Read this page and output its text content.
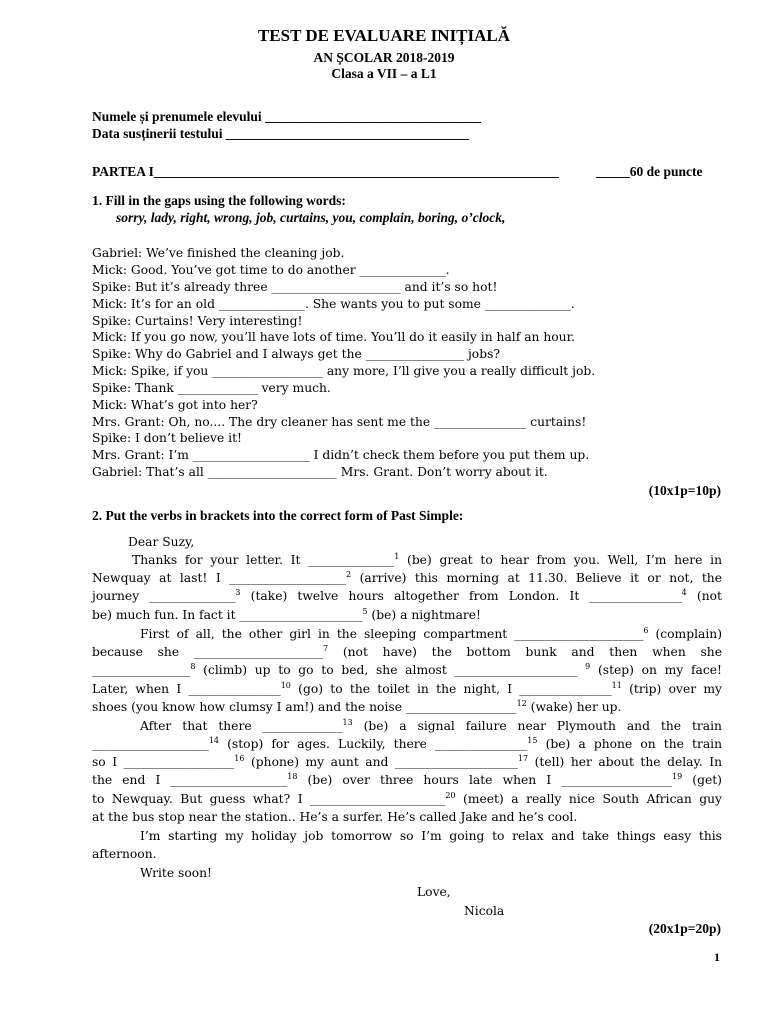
TEST DE EVALUARE INIȚIALĂ
AN ȘCOLAR 2018-2019
Clasa a VII – a L1
Numele și prenumele elevului ________________________________
Data susținerii testului ____________________________________
PARTEA I____________________________________________________________	_____60 de puncte
1. Fill in the gaps using the following words:
sorry, lady, right, wrong, job, curtains, you, complain, boring, o’clock,
Gabriel: We’ve finished the cleaning job.
Mick: Good. You’ve got time to do another ______________.
Spike: But it’s already three _____________________ and it’s so hot!
Mick: It’s for an old ______________. She wants you to put some ______________.
Spike: Curtains! Very interesting!
Mick: If you go now, you’ll have lots of time. You’ll do it easily in half an hour.
Spike: Why do Gabriel and I always get the ________________ jobs?
Mick: Spike, if you __________________ any more, I’ll give you a really difficult job.
Spike: Thank _____________ very much.
Mick: What’s got into her?
Mrs. Grant: Oh, no.... The dry cleaner has sent me the _______________ curtains!
Spike: I don’t believe it!
Mrs. Grant: I’m ___________________ I didn’t check them before you put them up.
Gabriel: That’s all _____________________ Mrs. Grant. Don’t worry about it.
(10x1p=10p)
2. Put the verbs in brackets into the correct form of Past Simple:
Dear Suzy,
Thanks for your letter. It ______________$^1$ (be) great to hear from you. Well, I’m here in
Newquay at last! I ___________________$^2$ (arrive) this morning at 11.30. Believe it or not, the
journey ______________$^3$ (take) twelve hours altogether from London. It _______________$^4$ (not
be) much fun. In fact it ____________________$^5$ (be) a nightmare!
First of all, the other girl in the sleeping compartment _____________________$^6$ (complain)
because she _____________________$^7$ (not have) the bottom bunk and then when she
________________$^8$ (climb) up to go to bed, she almost ____________________ $^9$ (step) on my face!
Later, when I _______________$^{10}$ (go) to the toilet in the night, I _______________$^{11}$ (trip) over my
shoes (you know how clumsy I am!) and the noise __________________$^{12}$ (wake) her up.
After that there _____________$^{13}$ (be) a signal failure near Plymouth and the train
___________________$^{14}$ (stop) for ages. Luckily, there _______________$^{15}$ (be) a phone on the train
so I __________________$^{16}$ (phone) my aunt and ____________________$^{17}$ (tell) her about the delay. In
the end I ___________________$^{18}$ (be) over three hours late when I __________________$^{19}$ (get)
to Newquay. But guess what? I ______________________$^{20}$ (meet) a really nice South African guy
at the bus stop near the station.. He’s a surfer. He’s called Jake and he’s cool.
I’m starting my holiday job tomorrow so I’m going to relax and take things easy this
afternoon.
Write soon!
Love,
Nicola
(20x1p=20p)
1
